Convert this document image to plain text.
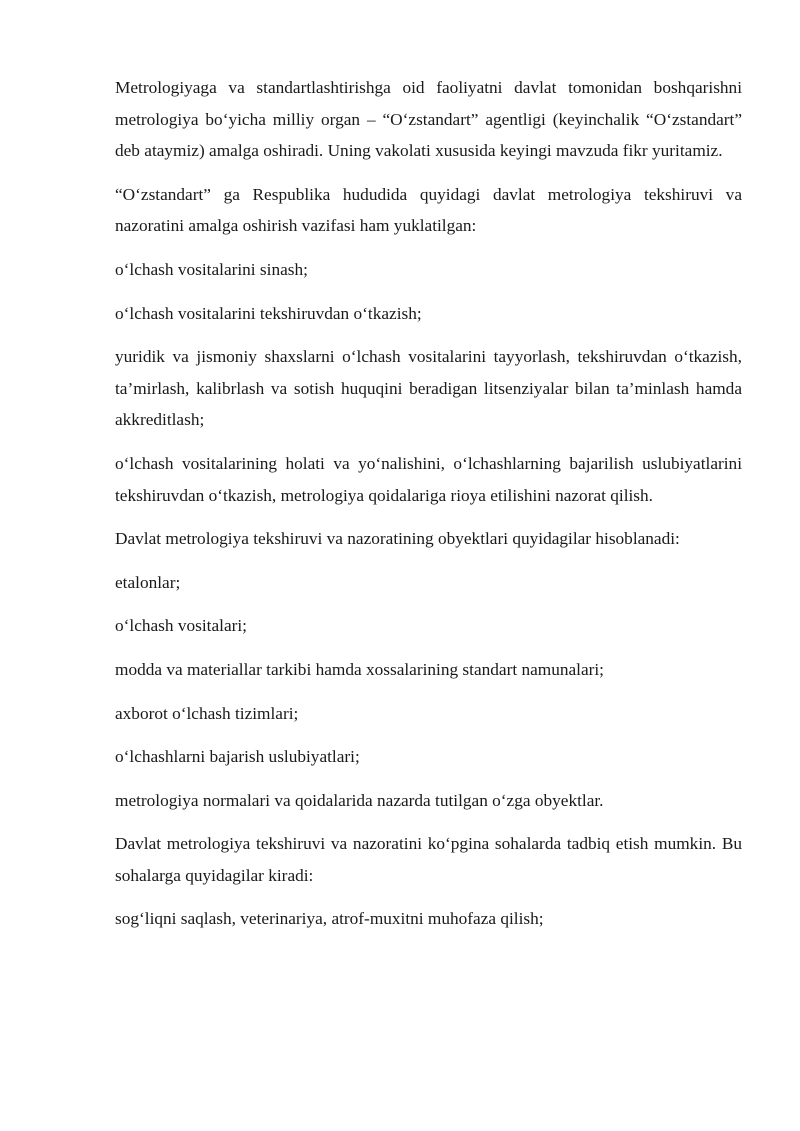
Metrologiyaga va standartlashtirishga oid faoliyatni davlat tomonidan boshqarishni metrologiya bo‘yicha milliy organ – “O‘zstandart” agentligi (keyinchalik “O‘zstandart” deb ataymiz) amalga oshiradi. Uning vakolati xususida keyingi mavzuda fikr yuritamiz.

“O‘zstandart” ga Respublika hududida quyidagi davlat metrologiya tekshiruvi va nazoratini amalga oshirish vazifasi ham yuklatilgan:

o‘lchash vositalarini sinash;

o‘lchash vositalarini tekshiruvdan o‘tkazish;

yuridik va jismoniy shaxslarni o‘lchash vositalarini tayyorlash, tekshiruvdan o‘tkazish, ta’mirlash, kalibrlash va sotish huquqini beradigan litsenziyalar bilan ta’minlash hamda akkreditlash;

o‘lchash vositalarining holati va yo‘nalishini, o‘lchashlarning bajarilish uslubiyatlarini tekshiruvdan o‘tkazish, metrologiya qoidalariga rioya etilishini nazorat qilish.

Davlat metrologiya tekshiruvi va nazoratining obyektlari quyidagilar hisoblanadi:

etalonlar;

o‘lchash vositalari;

modda va materiallar tarkibi hamda xossalarining standart namunalari;

axborot o‘lchash tizimlari;

o‘lchashlarni bajarish uslubiyatlari;

metrologiya normalari va qoidalarida nazarda tutilgan o‘zga obyektlar.

Davlat metrologiya tekshiruvi va nazoratini ko‘pgina sohalarda tadbiq etish mumkin. Bu sohalarga quyidagilar kiradi:

sog‘liqni saqlash, veterinariya, atrof-muxitni muhofaza qilish;
